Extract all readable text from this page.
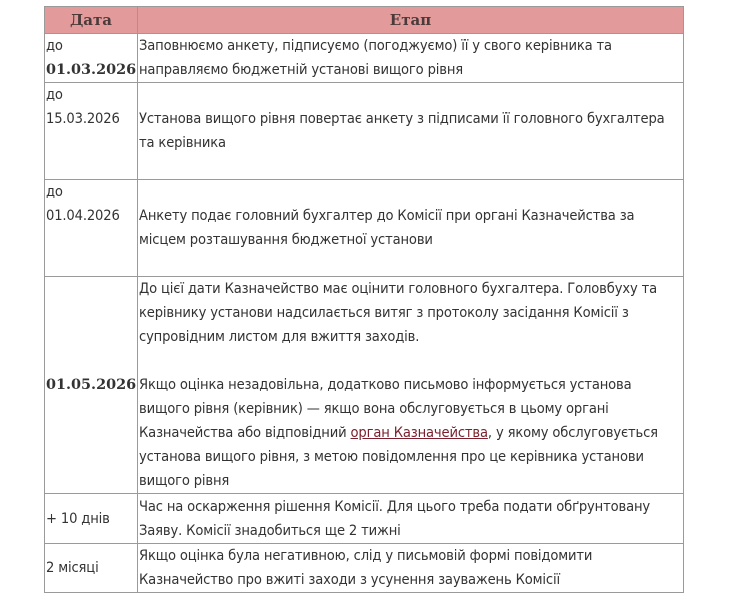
Дата	Етап

до
01.03.2026	Заповнюємо анкету, підписуємо (погоджуємо) її у свого керівника та направляємо бюджетній установі вищого рівня

до
15.03.2026	Установа вищого рівня повертає анкету з підписами її головного бухгалтера та керівника

до
01.04.2026	Анкету подає головний бухгалтер до Комісії при органі Казначейства за місцем розташування бюджетної установи

01.05.2026	До цієї дати Казначейство має оцінити головного бухгалтера. Головбуху та керівнику установи надсилається витяг з протоколу засідання Комісії з супровідним листом для вжиття заходів.
Якщо оцінка незадовільна, додатково письмово інформується установа вищого рівня (керівник) — якщо вона обслуговується в цьому органі Казначейства або відповідний орган Казначейства, у якому обслуговується установа вищого рівня, з метою повідомлення про це керівника установи вищого рівня

+ 10 днів	Час на оскарження рішення Комісії. Для цього треба подати обґрунтовану Заяву. Комісії знадобиться ще 2 тижні
2 місяці	Якщо оцінка була негативною, слід у письмовій формі повідомити Казначейство про вжиті заходи з усунення зауважень Комісії
